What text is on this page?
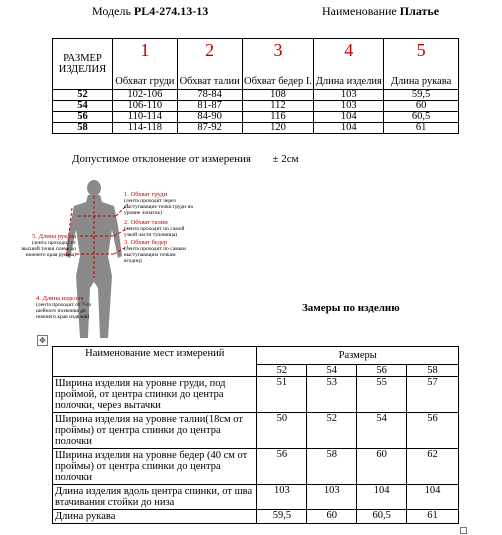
Модель PL4-274.13-13	Наименование Платье
РАЗМЕР ИЗДЕЛИЯ	1	2	3	4	5
	Обхват груди	Обхват талии	Обхват бедер I.	Длина изделия	Длина рукава
52	102-106	78-84	108	103	59,5
54	106-110	81-87	112	103	60
56	110-114	84-90	116	104	60,5
58	114-118	87-92	120	104	61
Допустимое отклонение от измерения ± 2см
1. Обхват груди
(лента проходит через выступающие точки груди на уровне лопаток)
2. Обхват талии
(лента проходит по самой узкой части туловища)
3. Обхват бедер
(лента проходит по самым выступающим точкам ягодиц)
5. Длина рукава
(лента проходит от высшей точки плеча до нижнего края рукава)
4. Длина изделия
(лента проходит от 7-го шейного позвонка до нижнего края изделия)
Замеры по изделию
✥
Наименование мест измерений	Размеры			
	52	54	56	58
Ширина изделия на уровне груди, под проймой, от центра спинки до центра полочки, через вытачки	51	53	55	57
Ширина изделия на уровне талии(18см от проймы) от центра спинки до центра полочки	50	52	54	56
Ширина изделия на уровне бедер (40 см от проймы) от центра спинки до центра полочки	56	58	60	62
Длина изделия вдоль центра спинки, от шва втачивания стойки до низа	103	103	104	104
Длина рукава	59,5	60	60,5	61
